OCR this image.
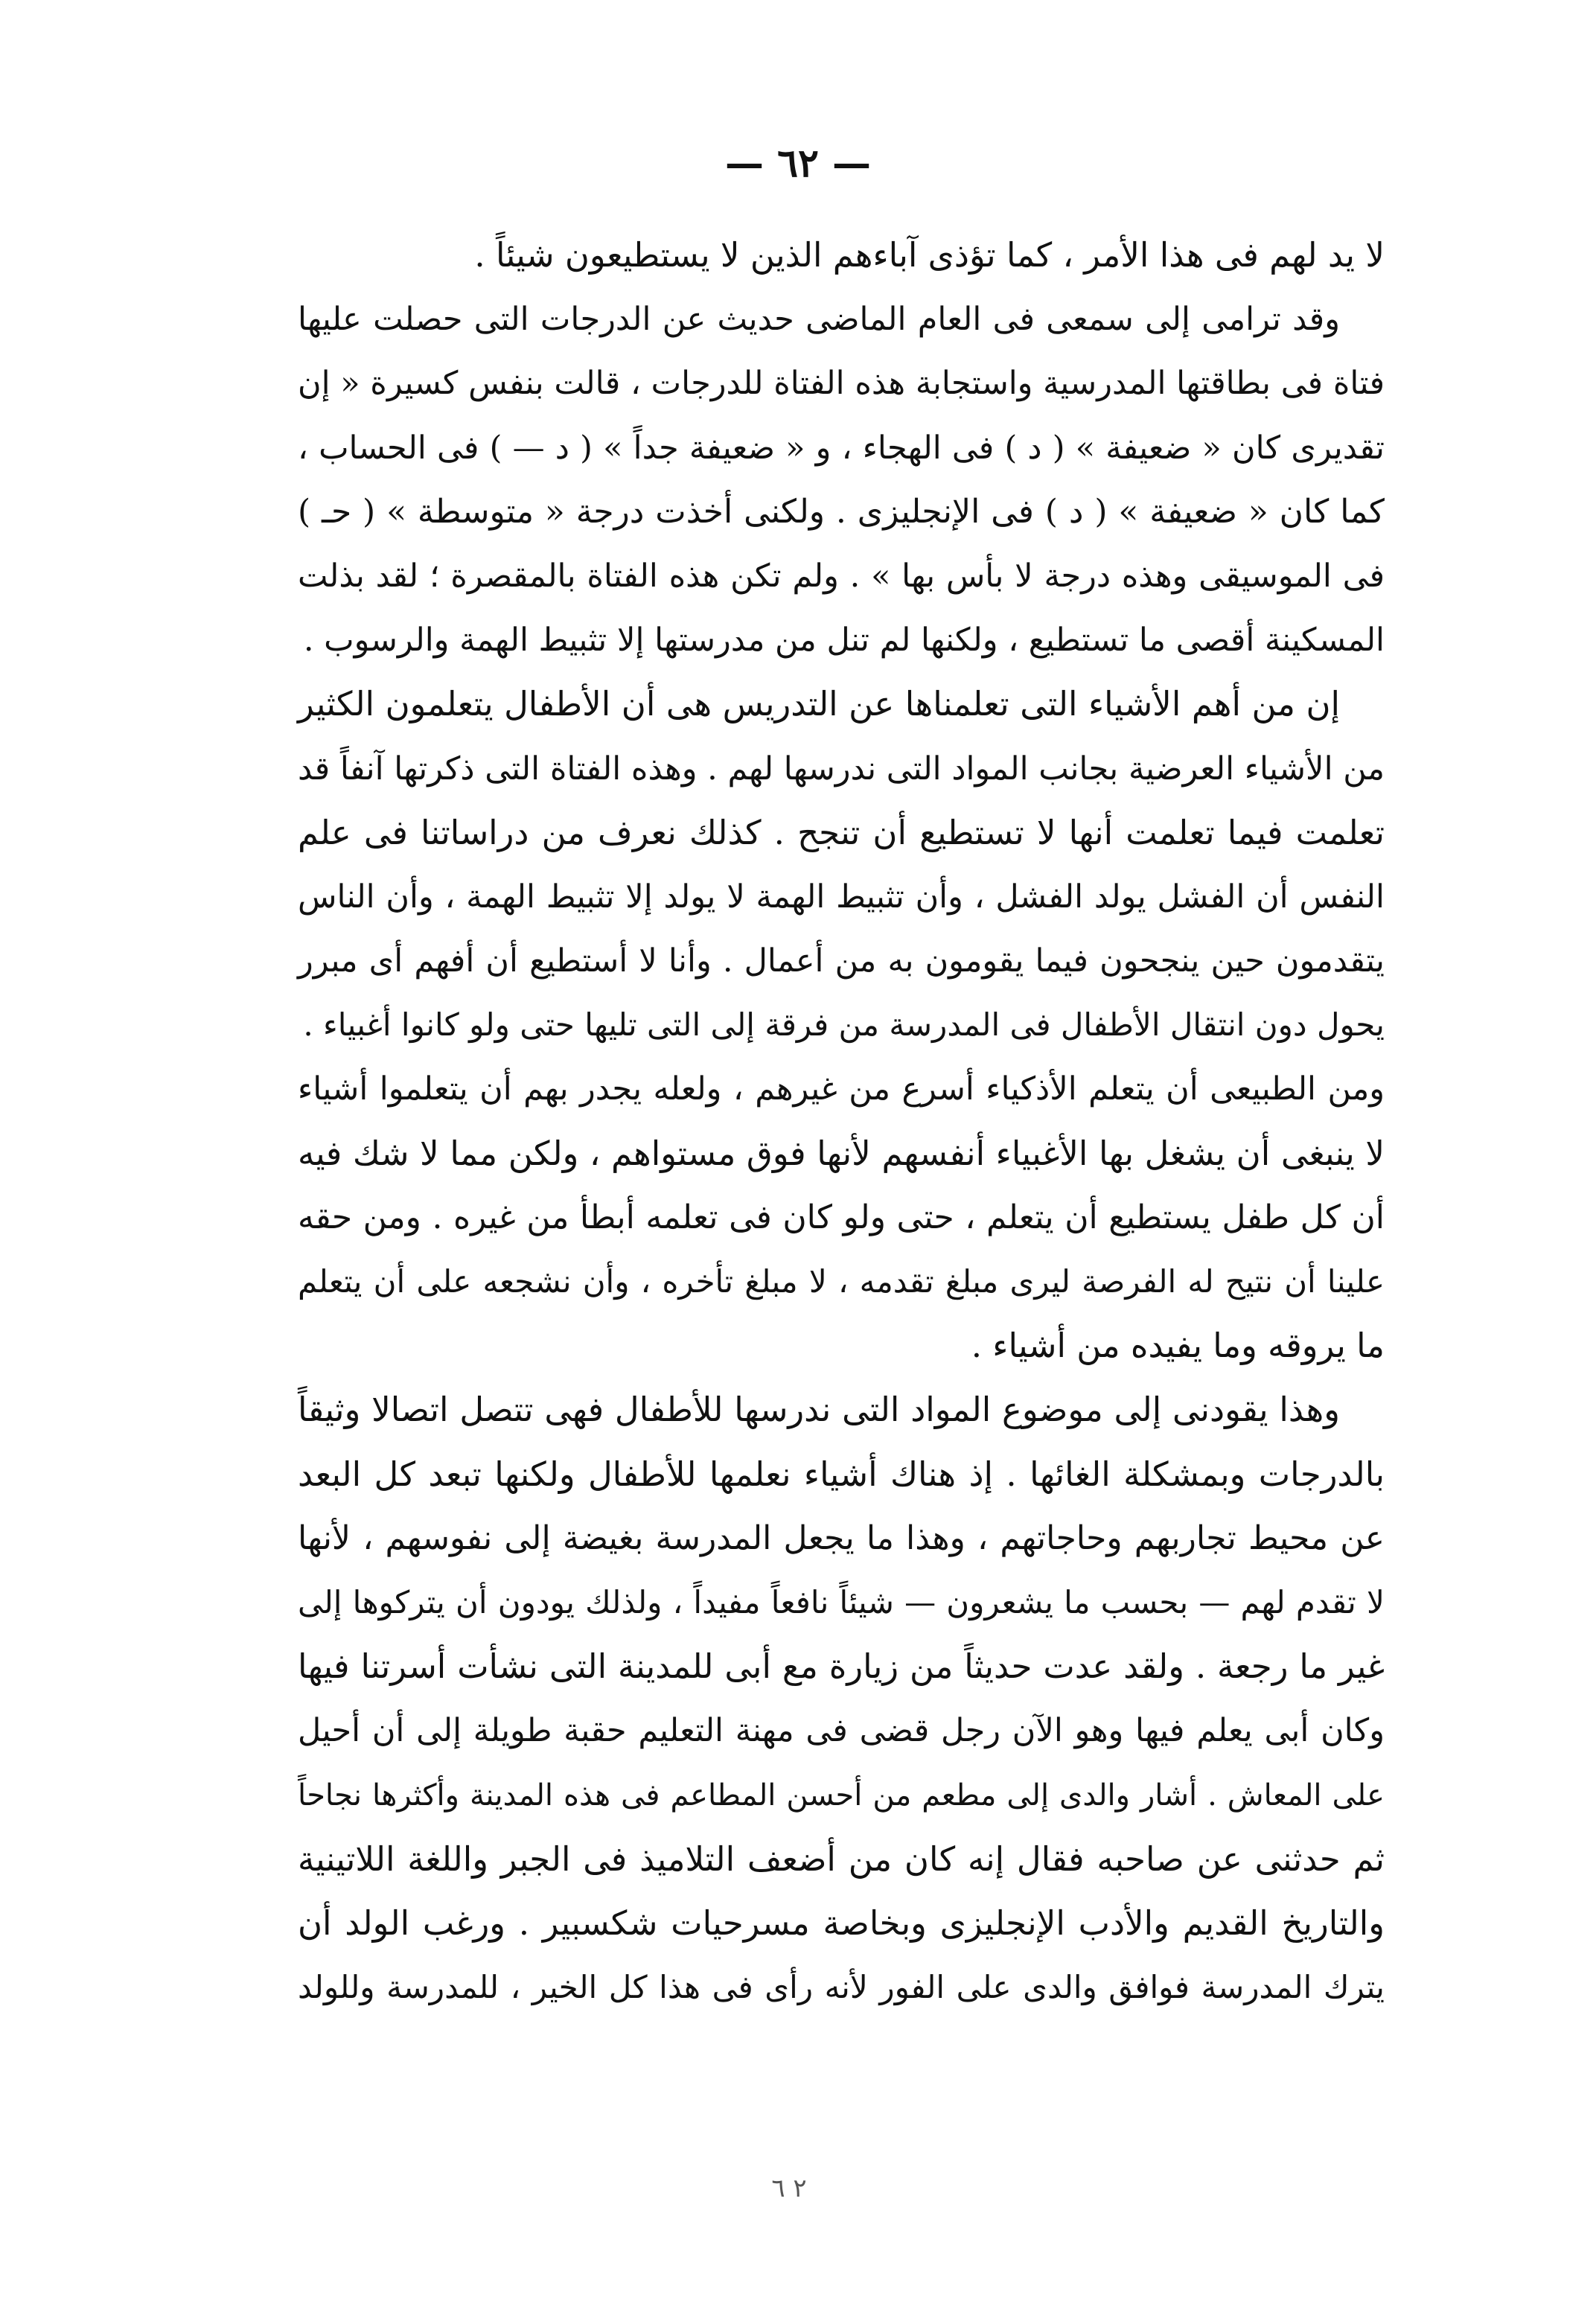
— ٦٢ —
لا يد لهم فى هذا الأمر ، كما تؤذى آباءهم الذين لا يستطيعون شيئاً .
وقد ترامى إلى سمعى فى العام الماضى حديث عن الدرجات التى حصلت عليها
فتاة فى بطاقتها المدرسية واستجابة هذه الفتاة للدرجات ، قالت بنفس كسيرة « إن
تقديرى كان « ضعيفة » ( د ) فى الهجاء ، و « ضعيفة جداً » ( د — ) فى الحساب ،
كما كان « ضعيفة » ( د ) فى الإنجليزى . ولكنى أخذت درجة « متوسطة » ( حـ )
فى الموسيقى وهذه درجة لا بأس بها » . ولم تكن هذه الفتاة بالمقصرة ؛ لقد بذلت
المسكينة أقصى ما تستطيع ، ولكنها لم تنل من مدرستها إلا تثبيط الهمة والرسوب .
إن من أهم الأشياء التى تعلمناها عن التدريس هى أن الأطفال يتعلمون الكثير
من الأشياء العرضية بجانب المواد التى ندرسها لهم . وهذه الفتاة التى ذكرتها آنفاً قد
تعلمت فيما تعلمت أنها لا تستطيع أن تنجح . كذلك نعرف من دراساتنا فى علم
النفس أن الفشل يولد الفشل ، وأن تثبيط الهمة لا يولد إلا تثبيط الهمة ، وأن الناس
يتقدمون حين ينجحون فيما يقومون به من أعمال . وأنا لا أستطيع أن أفهم أى مبرر
يحول دون انتقال الأطفال فى المدرسة من فرقة إلى التى تليها حتى ولو كانوا أغبياء .
ومن الطبيعى أن يتعلم الأذكياء أسرع من غيرهم ، ولعله يجدر بهم أن يتعلموا أشياء
لا ينبغى أن يشغل بها الأغبياء أنفسهم لأنها فوق مستواهم ، ولكن مما لا شك فيه
أن كل طفل يستطيع أن يتعلم ، حتى ولو كان فى تعلمه أبطأ من غيره . ومن حقه
علينا أن نتيح له الفرصة ليرى مبلغ تقدمه ، لا مبلغ تأخره ، وأن نشجعه على أن يتعلم
ما يروقه وما يفيده من أشياء .
وهذا يقودنى إلى موضوع المواد التى ندرسها للأطفال فهى تتصل اتصالا وثيقاً
بالدرجات وبمشكلة الغائها . إذ هناك أشياء نعلمها للأطفال ولكنها تبعد كل البعد
عن محيط تجاربهم وحاجاتهم ، وهذا ما يجعل المدرسة بغيضة إلى نفوسهم ، لأنها
لا تقدم لهم — بحسب ما يشعرون — شيئاً نافعاً مفيداً ، ولذلك يودون أن يتركوها إلى
غير ما رجعة . ولقد عدت حديثاً من زيارة مع أبى للمدينة التى نشأت أسرتنا فيها
وكان أبى يعلم فيها وهو الآن رجل قضى فى مهنة التعليم حقبة طويلة إلى أن أحيل
على المعاش . أشار والدى إلى مطعم من أحسن المطاعم فى هذه المدينة وأكثرها نجاحاً
ثم حدثنى عن صاحبه فقال إنه كان من أضعف التلاميذ فى الجبر واللغة اللاتينية
والتاريخ القديم والأدب الإنجليزى وبخاصة مسرحيات شكسبير . ورغب الولد أن
يترك المدرسة فوافق والدى على الفور لأنه رأى فى هذا كل الخير ، للمدرسة وللولد
٢ ٦
